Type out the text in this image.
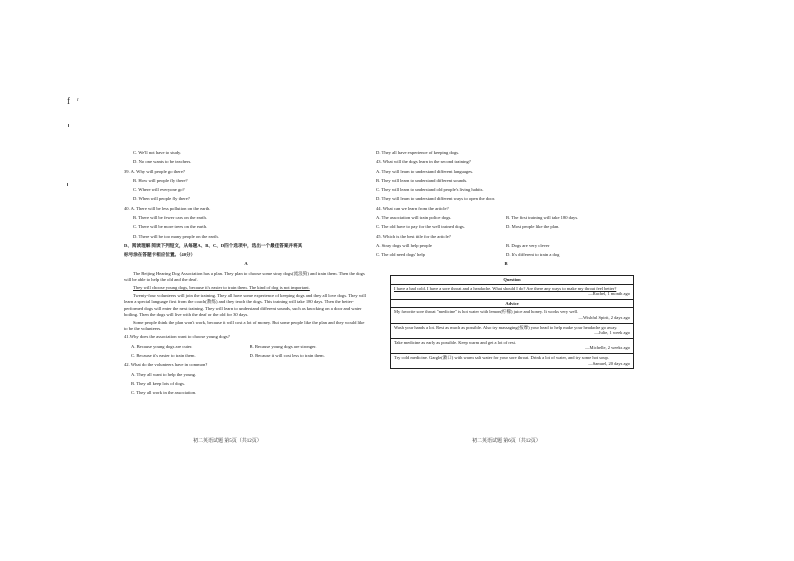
f r
C. We'll not have to study.
D. No one wants to be teachers.
39. A. Why will people go there?
B. How will people fly there?
C. Where will everyone go?
D. When will people fly there?
40. A. There will be less pollution on the earth.
B. There will be fewer cars on the earth.
C. There will be more trees on the earth.
D. There will be too many people on the earth.
D、阅读理解 阅读下列短文，从每题A、B、C、D四个选项中，选出一个最佳答案并将其
标号涂在答题卡相应位置。（40分）
A
The Beijing Hearing Dog Association has a plan. They plan to choose some stray dogs(流浪狗) and train them. Then the dogs will be able to help the old and the deaf.
They will choose young dogs, because it's easier to train them. The kind of dog is not important.
Twenty-four volunteers will join the training. They all have some experience of keeping dogs and they all love dogs. They will learn a special language first from the coach(教练) and they teach the dogs. This training will take 180 days. Then the better-performed dogs will enter the next training. They will learn to understand different sounds, such as knocking on a door and water boiling. Then the dogs will live with the deaf or the old for 30 days.
Some people think the plan won't work, because it will cost a lot of money. But some people like the plan and they would like to be the volunteers.
41.Why does the association want to choose young dogs?
A. Because young dogs are cuter.	B. Because young dogs are stronger.
C. Because it's easier to train them.	D. Because it will cost less to train them.
42. What do the volunteers have in common?
A. They all want to help the young.
B. They all keep lots of dogs.
C. They all work in the association.
初二英语试题 第5页（共12页）
D. They all have experience of keeping dogs.
43. What will the dogs learn in the second training?
A. They will learn to understand different languages.
B. They will learn to understand different sounds.
C. They will learn to understand old people's living habits.
D. They will learn to understand different ways to open the door.
44. What can we learn from the article?
A. The association will train police dogs.	B. The first training will take 180 days.
C. The old have to pay for the well trained dogs.	D. Most people like the plan.
45. Which is the best title for the article?
A. Stray dogs will help people	B. Dogs are very clever
C. The old need dogs' help	D. It's different to train a dog
B
Question
I have a bad cold. I have a sore throat and a headache. What should I do? Are there any ways to make my throat feel better?
—Rachel, 1 month ago
Advice
My favorite sore throat "medicine" is hot water with lemon(柠檬) juice and honey. It works very well.
—Wishful Spirit, 2 days ago
Wash your hands a lot. Rest as much as possible. Also try massaging(按摩) your head to help make your headache go away.
—Julie, 1 week ago
Take medicine as early as possible. Keep warm and get a lot of rest.
—Michelle, 2 weeks ago
Try cold medicine. Gargle(漱口) with warm salt water for your sore throat. Drink a lot of water, and try some hot soup.
—Samuel, 20 days ago
初二英语试题 第6页（共12页）
